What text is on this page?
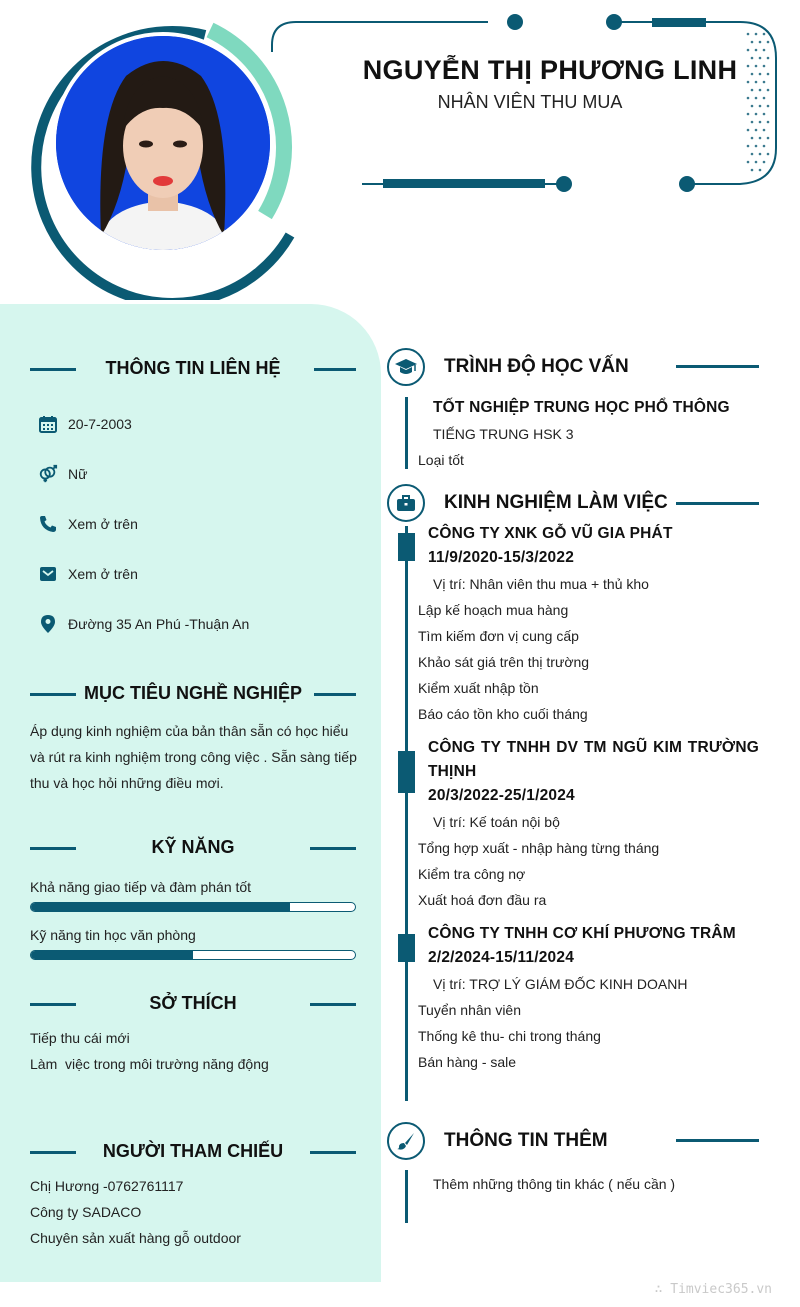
NGUYỄN THỊ PHƯƠNG LINH
NHÂN VIÊN THU MUA
THÔNG TIN LIÊN HỆ
20-7-2003
Nữ
Xem ở trên
Xem ở trên
Đường 35 An Phú -Thuận An
MỤC TIÊU NGHỀ NGHIỆP
Áp dụng kinh nghiệm của bản thân sẵn có học hiểu
và rút ra kinh nghiệm trong công việc . Sẵn sàng tiếp
thu và học hỏi những điều mơi.
KỸ NĂNG
Khả năng giao tiếp và đàm phán tốt
Kỹ năng tin học văn phòng
SỞ THÍCH
Tiếp thu cái mới
Làm  việc trong môi trường năng động
NGƯỜI THAM CHIẾU
Chị Hương -0762761117
Công ty SADACO
Chuyên sản xuất hàng gỗ outdoor
TRÌNH ĐỘ HỌC VẤN
TỐT NGHIỆP TRUNG HỌC PHỔ THÔNG
TIẾNG TRUNG HSK 3
Loại tốt
KINH NGHIỆM LÀM VIỆC
CÔNG TY XNK GỖ VŨ GIA PHÁT
11/9/2020-15/3/2022
Vị trí: Nhân viên thu mua + thủ kho
Lập kế hoạch mua hàng
Tìm kiếm đơn vị cung cấp
Khảo sát giá trên thị trường
Kiểm xuất nhập tồn
Báo cáo tồn kho cuối tháng
CÔNG TY TNHH DV TM NGŨ KIM TRƯỜNG
THỊNH
20/3/2022-25/1/2024
Vị trí: Kế toán nội bộ
Tổng hợp xuất - nhập hàng từng tháng
Kiểm tra công nợ
Xuất hoá đơn đầu ra
CÔNG TY TNHH CƠ KHÍ PHƯƠNG TRÂM
2/2/2024-15/11/2024
Vị trí: TRỢ LÝ GIÁM ĐỐC KINH DOANH
Tuyển nhân viên
Thống kê thu- chi trong tháng
Bán hàng - sale
THÔNG TIN THÊM
Thêm những thông tin khác ( nếu cần )
∴ Timviec365.vn
